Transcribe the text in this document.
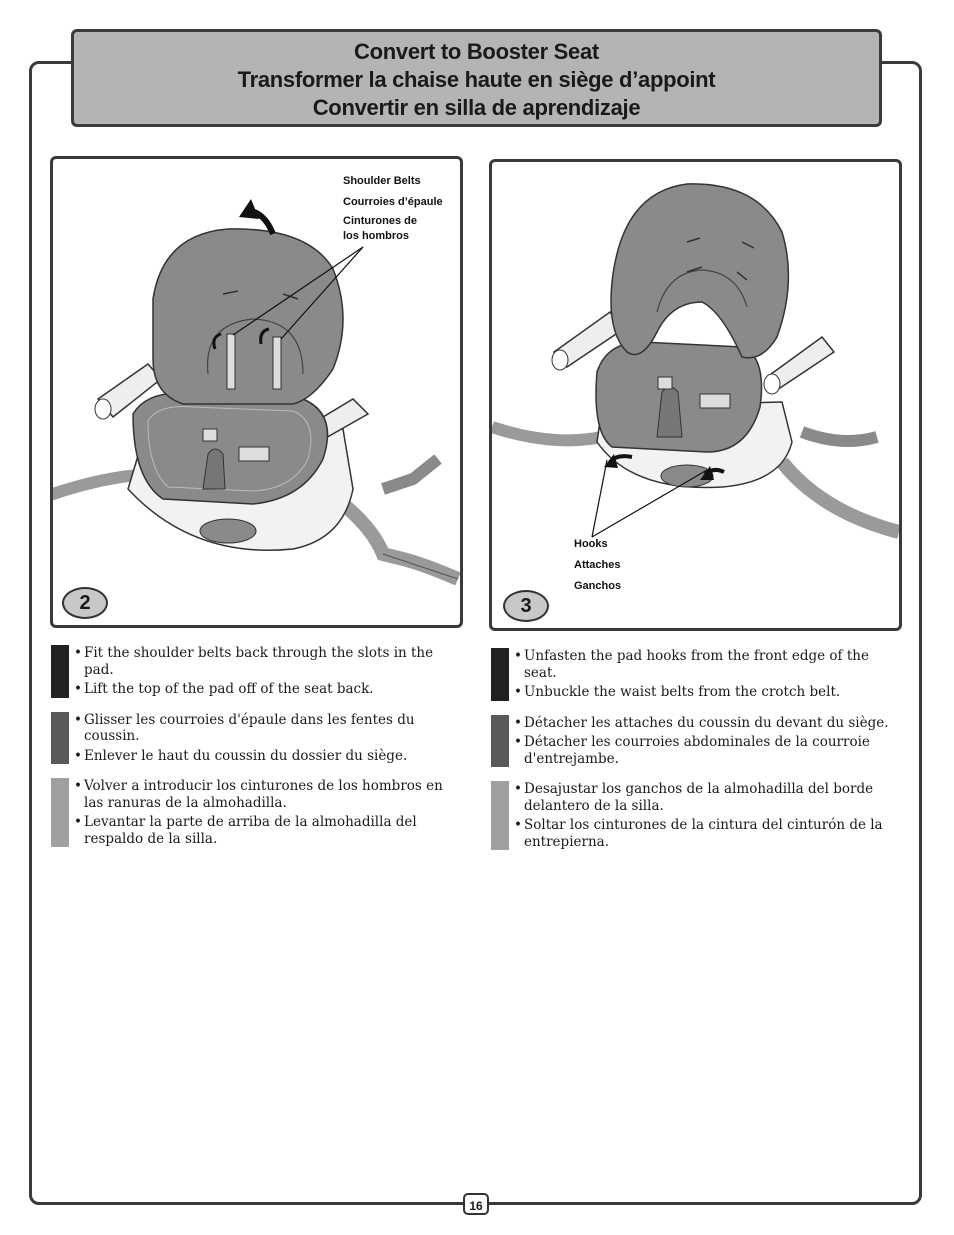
Convert to Booster Seat
Transformer la chaise haute en siège d’appoint
Convertir en silla de aprendizaje
Shoulder Belts
Courroies d’épaule
Cinturones de
los hombros
2
Hooks
Attaches
Ganchos
3
• Fit the shoulder belts back through the slots in the pad.
• Lift the top of the pad off of the seat back.
• Glisser les courroies d'épaule dans les fentes du coussin.
• Enlever le haut du coussin du dossier du siège.
• Volver a introducir los cinturones de los hombros en las ranuras de la almohadilla.
• Levantar la parte de arriba de la almohadilla del respaldo de la silla.
• Unfasten the pad hooks from the front edge of the seat.
• Unbuckle the waist belts from the crotch belt.
• Détacher les attaches du coussin du devant du siège.
• Détacher les courroies abdominales de la courroie d'entrejambe.
• Desajustar los ganchos de la almohadilla del borde delantero de la silla.
• Soltar los cinturones de la cintura del cinturón de la entrepierna.
16
